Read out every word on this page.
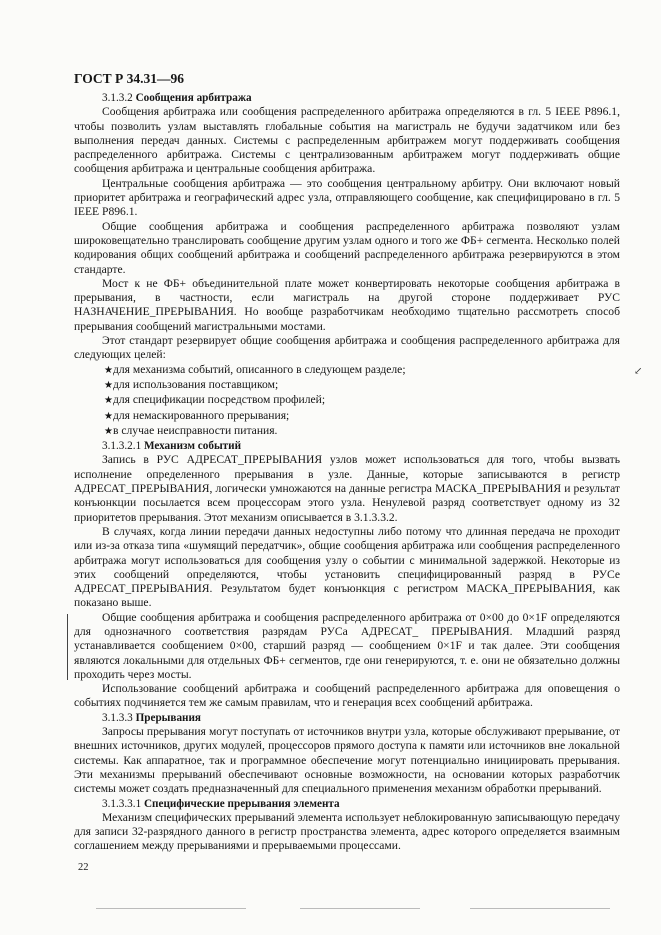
ГОСТ Р 34.31—96

3.1.3.2 Сообщения арбитража

Сообщения арбитража или сообщения распределенного арбитража определяются в гл. 5 IEEE P896.1, чтобы позволить узлам выставлять глобальные события на магистраль не будучи задатчиком или без выполнения передач данных. Системы с распределенным арбитражем могут поддерживать сообщения распределенного арбитража. Системы с централизованным арбитражем могут поддерживать общие сообщения арбитража и центральные сообщения арбитража.

Центральные сообщения арбитража — это сообщения центральному арбитру. Они включают новый приоритет арбитража и географический адрес узла, отправляющего сообщение, как специфицировано в гл. 5 IEEE P896.1.

Общие сообщения арбитража и сообщения распределенного арбитража позволяют узлам широковещательно транслировать сообщение другим узлам одного и того же ФБ+ сегмента. Несколько полей кодирования общих сообщений арбитража и сообщений распределенного арбитража резервируются в этом стандарте.

Мост к не ФБ+ объединительной плате может конвертировать некоторые сообщения арбитража в прерывания, в частности, если магистраль на другой стороне поддерживает РУС НАЗНАЧЕНИЕ_ПРЕРЫВАНИЯ. Но вообще разработчикам необходимо тщательно рассмотреть способ прерывания сообщений магистральными мостами.

Этот стандарт резервирует общие сообщения арбитража и сообщения распределенного арбитража для следующих целей:

★для механизма событий, описанного в следующем разделе;
★для использования поставщиком;
★для спецификации посредством профилей;
★для немаскированного прерывания;
★в случае неисправности питания.

3.1.3.2.1 Механизм событий

Запись в РУС АДРЕСАТ_ПРЕРЫВАНИЯ узлов может использоваться для того, чтобы вызвать исполнение определенного прерывания в узле. Данные, которые записываются в регистр АДРЕСАТ_ПРЕРЫВАНИЯ, логически умножаются на данные регистра МАСКА_ПРЕРЫВАНИЯ и результат конъюнкции посылается всем процессорам этого узла. Ненулевой разряд соответствует одному из 32 приоритетов прерывания. Этот механизм описывается в 3.1.3.3.2.

В случаях, когда линии передачи данных недоступны либо потому что длинная передача не проходит или из-за отказа типа «шумящий передатчик», общие сообщения арбитража или сообщения распределенного арбитража могут использоваться для сообщения узлу о событии с минимальной задержкой. Некоторые из этих сообщений определяются, чтобы установить специфицированный разряд в РУСе АДРЕСАТ_ПРЕРЫВАНИЯ. Результатом будет конъюнкция с регистром МАСКА_ПРЕРЫВАНИЯ, как показано выше.

Общие сообщения арбитража и сообщения распределенного арбитража от 0×00 до 0×1F определяются для однозначного соответствия разрядам РУСа АДРЕСАТ_ ПРЕРЫВАНИЯ. Младший разряд устанавливается сообщением 0×00, старший разряд — сообщением 0×1F и так далее. Эти сообщения являются локальными для отдельных ФБ+ сегментов, где они генерируются, т. е. они не обязательно должны проходить через мосты.

Использование сообщений арбитража и сообщений распределенного арбитража для оповещения о событиях подчиняется тем же самым правилам, что и генерация всех сообщений арбитража.

3.1.3.3 Прерывания

Запросы прерывания могут поступать от источников внутри узла, которые обслуживают прерывание, от внешних источников, других модулей, процессоров прямого доступа к памяти или источников вне локальной системы. Как аппаратное, так и программное обеспечение могут потенциально инициировать прерывания. Эти механизмы прерываний обеспечивают основные возможности, на основании которых разработчик системы может создать предназначенный для специального применения механизм обработки прерываний.

3.1.3.3.1 Специфические прерывания элемента

Механизм специфических прерываний элемента использует неблокированную записывающую передачу для записи 32-разрядного данного в регистр пространства элемента, адрес которого определяется взаимным соглашением между прерываниями и прерываемыми процессами.

22
↙
